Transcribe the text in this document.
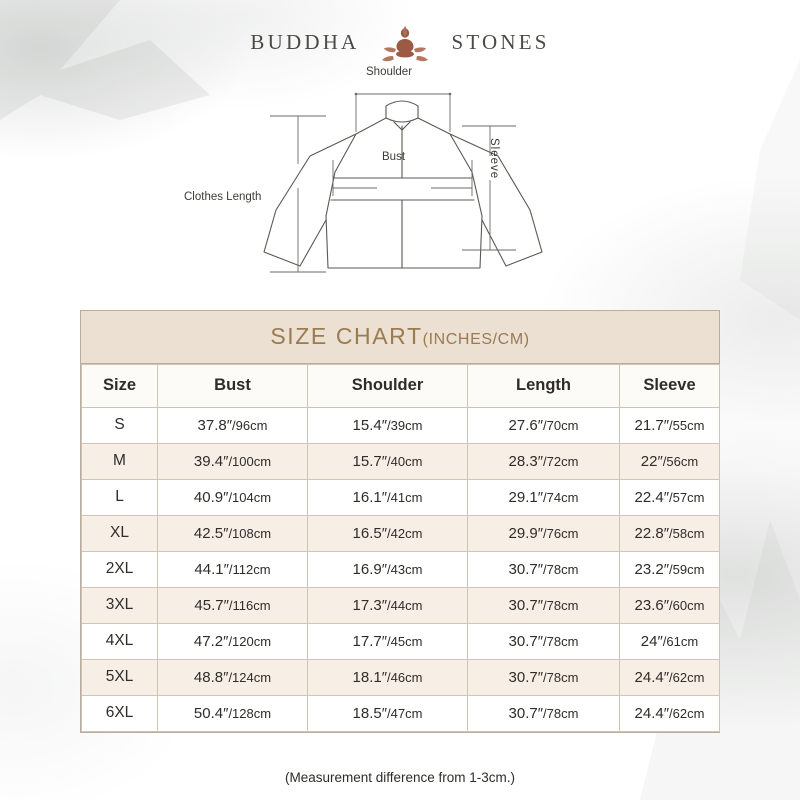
BUDDHA	STONES
Shoulder
Bust	Sleeve
Clothes Length
SIZE CHART(INCHES/CM)
Size	Bust	Shoulder	Length	Sleeve
S	37.8″/96cm	15.4″/39cm	27.6″/70cm	21.7″/55cm
M	39.4″/100cm	15.7″/40cm	28.3″/72cm	22″/56cm
L	40.9″/104cm	16.1″/41cm	29.1″/74cm	22.4″/57cm
XL	42.5″/108cm	16.5″/42cm	29.9″/76cm	22.8″/58cm
2XL	44.1″/112cm	16.9″/43cm	30.7″/78cm	23.2″/59cm
3XL	45.7″/116cm	17.3″/44cm	30.7″/78cm	23.6″/60cm
4XL	47.2″/120cm	17.7″/45cm	30.7″/78cm	24″/61cm
5XL	48.8″/124cm	18.1″/46cm	30.7″/78cm	24.4″/62cm
6XL	50.4″/128cm	18.5″/47cm	30.7″/78cm	24.4″/62cm
(Measurement difference from 1-3cm.)
